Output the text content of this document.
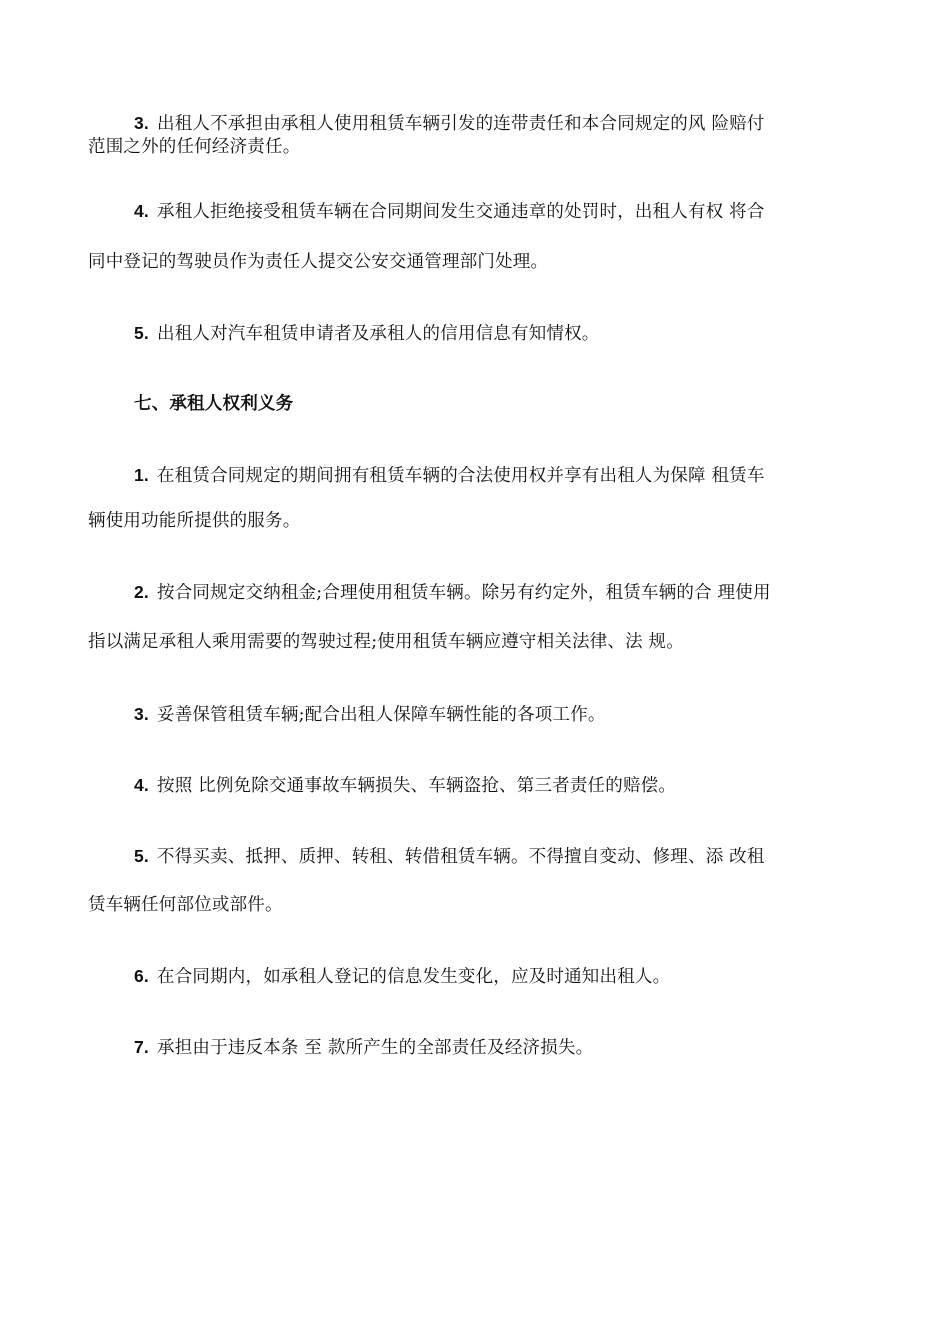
3. 出租人不承担由承租人使用租赁车辆引发的连带责任和本合同规定的风 险赔付
范围之外的任何经济责任。
4. 承租人拒绝接受租赁车辆在合同期间发生交通违章的处罚时，出租人有权 将合
同中登记的驾驶员作为责任人提交公安交通管理部门处理。
5. 出租人对汽车租赁申请者及承租人的信用信息有知情权。
七、承租人权利义务
1. 在租赁合同规定的期间拥有租赁车辆的合法使用权并享有出租人为保障 租赁车
辆使用功能所提供的服务。
2. 按合同规定交纳租金;合理使用租赁车辆。除另有约定外，租赁车辆的合 理使用
指以满足承租人乘用需要的驾驶过程;使用租赁车辆应遵守相关法律、法 规。
3. 妥善保管租赁车辆;配合出租人保障车辆性能的各项工作。
4. 按照 比例免除交通事故车辆损失、车辆盗抢、第三者责任的赔偿。
5. 不得买卖、抵押、质押、转租、转借租赁车辆。不得擅自变动、修理、添 改租
赁车辆任何部位或部件。
6. 在合同期内，如承租人登记的信息发生变化，应及时通知出租人。
7. 承担由于违反本条 至 款所产生的全部责任及经济损失。
